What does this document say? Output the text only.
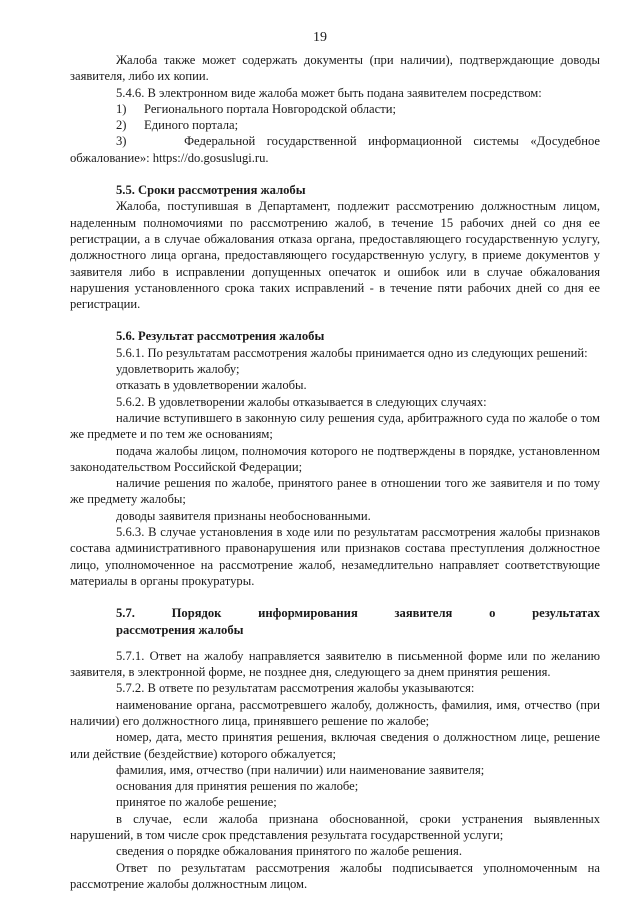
19
Жалоба также может содержать документы (при наличии), подтверждающие доводы заявителя, либо их копии.
5.4.6. В электронном виде жалоба может быть подана заявителем посредством:
1)	Регионального портала Новгородской области;
2)	Единого портала;
3)	Федеральной государственной информационной системы «Досудебное обжалование»: https://do.gosuslugi.ru.
5.5. Сроки рассмотрения жалобы
Жалоба, поступившая в Департамент, подлежит рассмотрению должностным лицом, наделенным полномочиями по рассмотрению жалоб, в течение 15 рабочих дней со дня ее регистрации, а в случае обжалования отказа органа, предоставляющего государственную услугу, должностного лица органа, предоставляющего государственную услугу, в приеме документов у заявителя либо в исправлении допущенных опечаток и ошибок или в случае обжалования нарушения установленного срока таких исправлений - в течение пяти рабочих дней со дня ее регистрации.
5.6. Результат рассмотрения жалобы
5.6.1. По результатам рассмотрения жалобы принимается одно из следующих решений:
удовлетворить жалобу;
отказать в удовлетворении жалобы.
5.6.2. В удовлетворении жалобы отказывается в следующих случаях:
наличие вступившего в законную силу решения суда, арбитражного суда по жалобе о том же предмете и по тем же основаниям;
подача жалобы лицом, полномочия которого не подтверждены в порядке, установленном законодательством Российской Федерации;
наличие решения по жалобе, принятого ранее в отношении того же заявителя и по тому же предмету жалобы;
доводы заявителя признаны необоснованными.
5.6.3. В случае установления в ходе или по результатам рассмотрения жалобы признаков состава административного правонарушения или признаков состава преступления должностное лицо, уполномоченное на рассмотрение жалоб, незамедлительно направляет соответствующие материалы в органы прокуратуры.
5.7.	Порядок	информирования	заявителя	о	результатах
рассмотрения жалобы
5.7.1. Ответ на жалобу направляется заявителю в письменной форме или по желанию заявителя, в электронной форме, не позднее дня, следующего за днем принятия решения.
5.7.2. В ответе по результатам рассмотрения жалобы указываются:
наименование органа, рассмотревшего жалобу, должность, фамилия, имя, отчество (при наличии) его должностного лица, принявшего решение по жалобе;
номер, дата, место принятия решения, включая сведения о должностном лице, решение или действие (бездействие) которого обжалуется;
фамилия, имя, отчество (при наличии) или наименование заявителя;
основания для принятия решения по жалобе;
принятое по жалобе решение;
в случае, если жалоба признана обоснованной, сроки устранения выявленных нарушений, в том числе срок представления результата государственной услуги;
сведения о порядке обжалования принятого по жалобе решения.
Ответ по результатам рассмотрения жалобы подписывается уполномоченным на рассмотрение жалобы должностным лицом.
